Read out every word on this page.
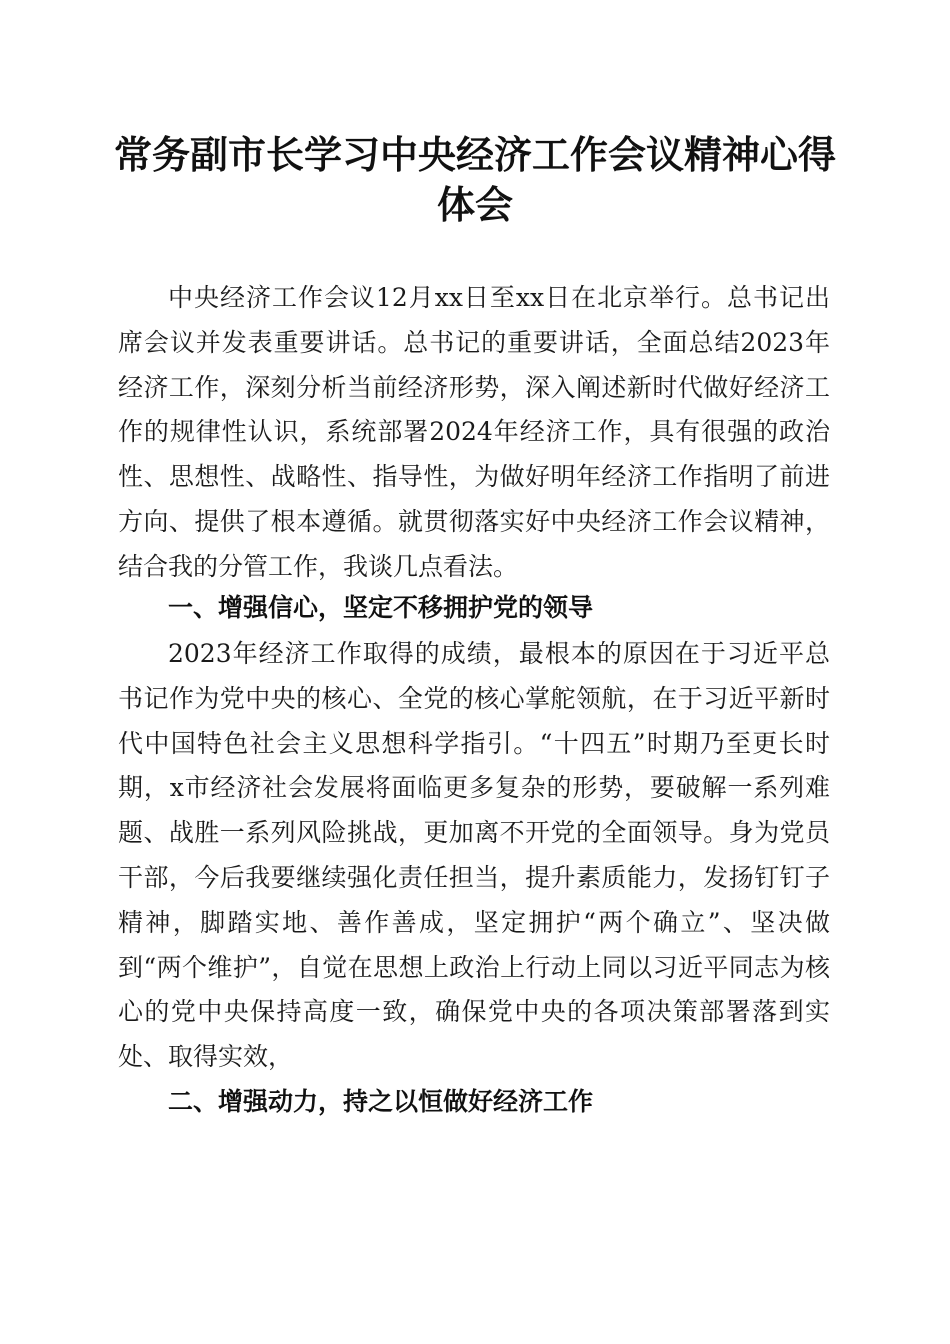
常务副市长学习中央经济工作会议精神心得体会

中央经济工作会议12月xx日至xx日在北京举行。总书记出席会议并发表重要讲话。总书记的重要讲话，全面总结2023年经济工作，深刻分析当前经济形势，深入阐述新时代做好经济工作的规律性认识，系统部署2024年经济工作，具有很强的政治性、思想性、战略性、指导性，为做好明年经济工作指明了前进方向、提供了根本遵循。就贯彻落实好中央经济工作会议精神，结合我的分管工作，我谈几点看法。

一、增强信心，坚定不移拥护党的领导

2023年经济工作取得的成绩，最根本的原因在于习近平总书记作为党中央的核心、全党的核心掌舵领航，在于习近平新时代中国特色社会主义思想科学指引。“十四五”时期乃至更长时期，x市经济社会发展将面临更多复杂的形势，要破解一系列难题、战胜一系列风险挑战，更加离不开党的全面领导。身为党员干部，今后我要继续强化责任担当，提升素质能力，发扬钉钉子精神，脚踏实地、善作善成，坚定拥护“两个确立”、坚决做到“两个维护”，自觉在思想上政治上行动上同以习近平同志为核心的党中央保持高度一致，确保党中央的各项决策部署落到实处、取得实效，

二、增强动力，持之以恒做好经济工作
